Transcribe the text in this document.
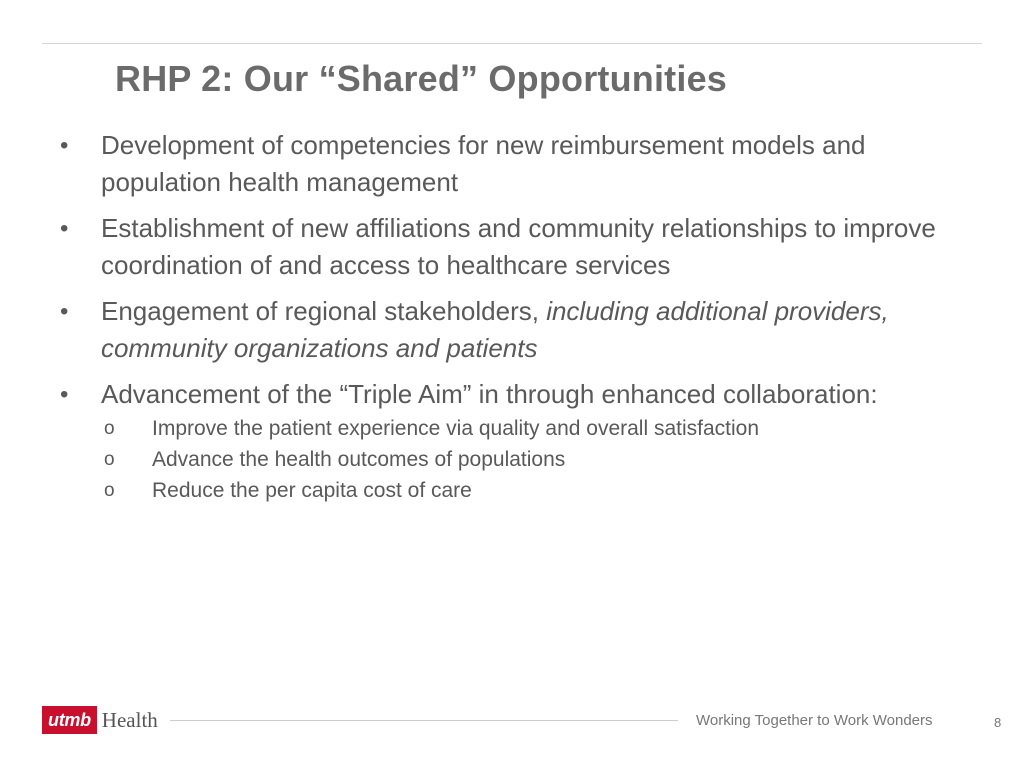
RHP 2: Our “Shared” Opportunities
• Development of competencies for new reimbursement models and population health management
• Establishment of new affiliations and community relationships to improve coordination of and access to healthcare services
• Engagement of regional stakeholders, including additional providers, community organizations and patients
• Advancement of the “Triple Aim” in through enhanced collaboration:
o Improve the patient experience via quality and overall satisfaction
o Advance the health outcomes of populations
o Reduce the per capita cost of care
utmb Health	Working Together to Work Wonders	8
